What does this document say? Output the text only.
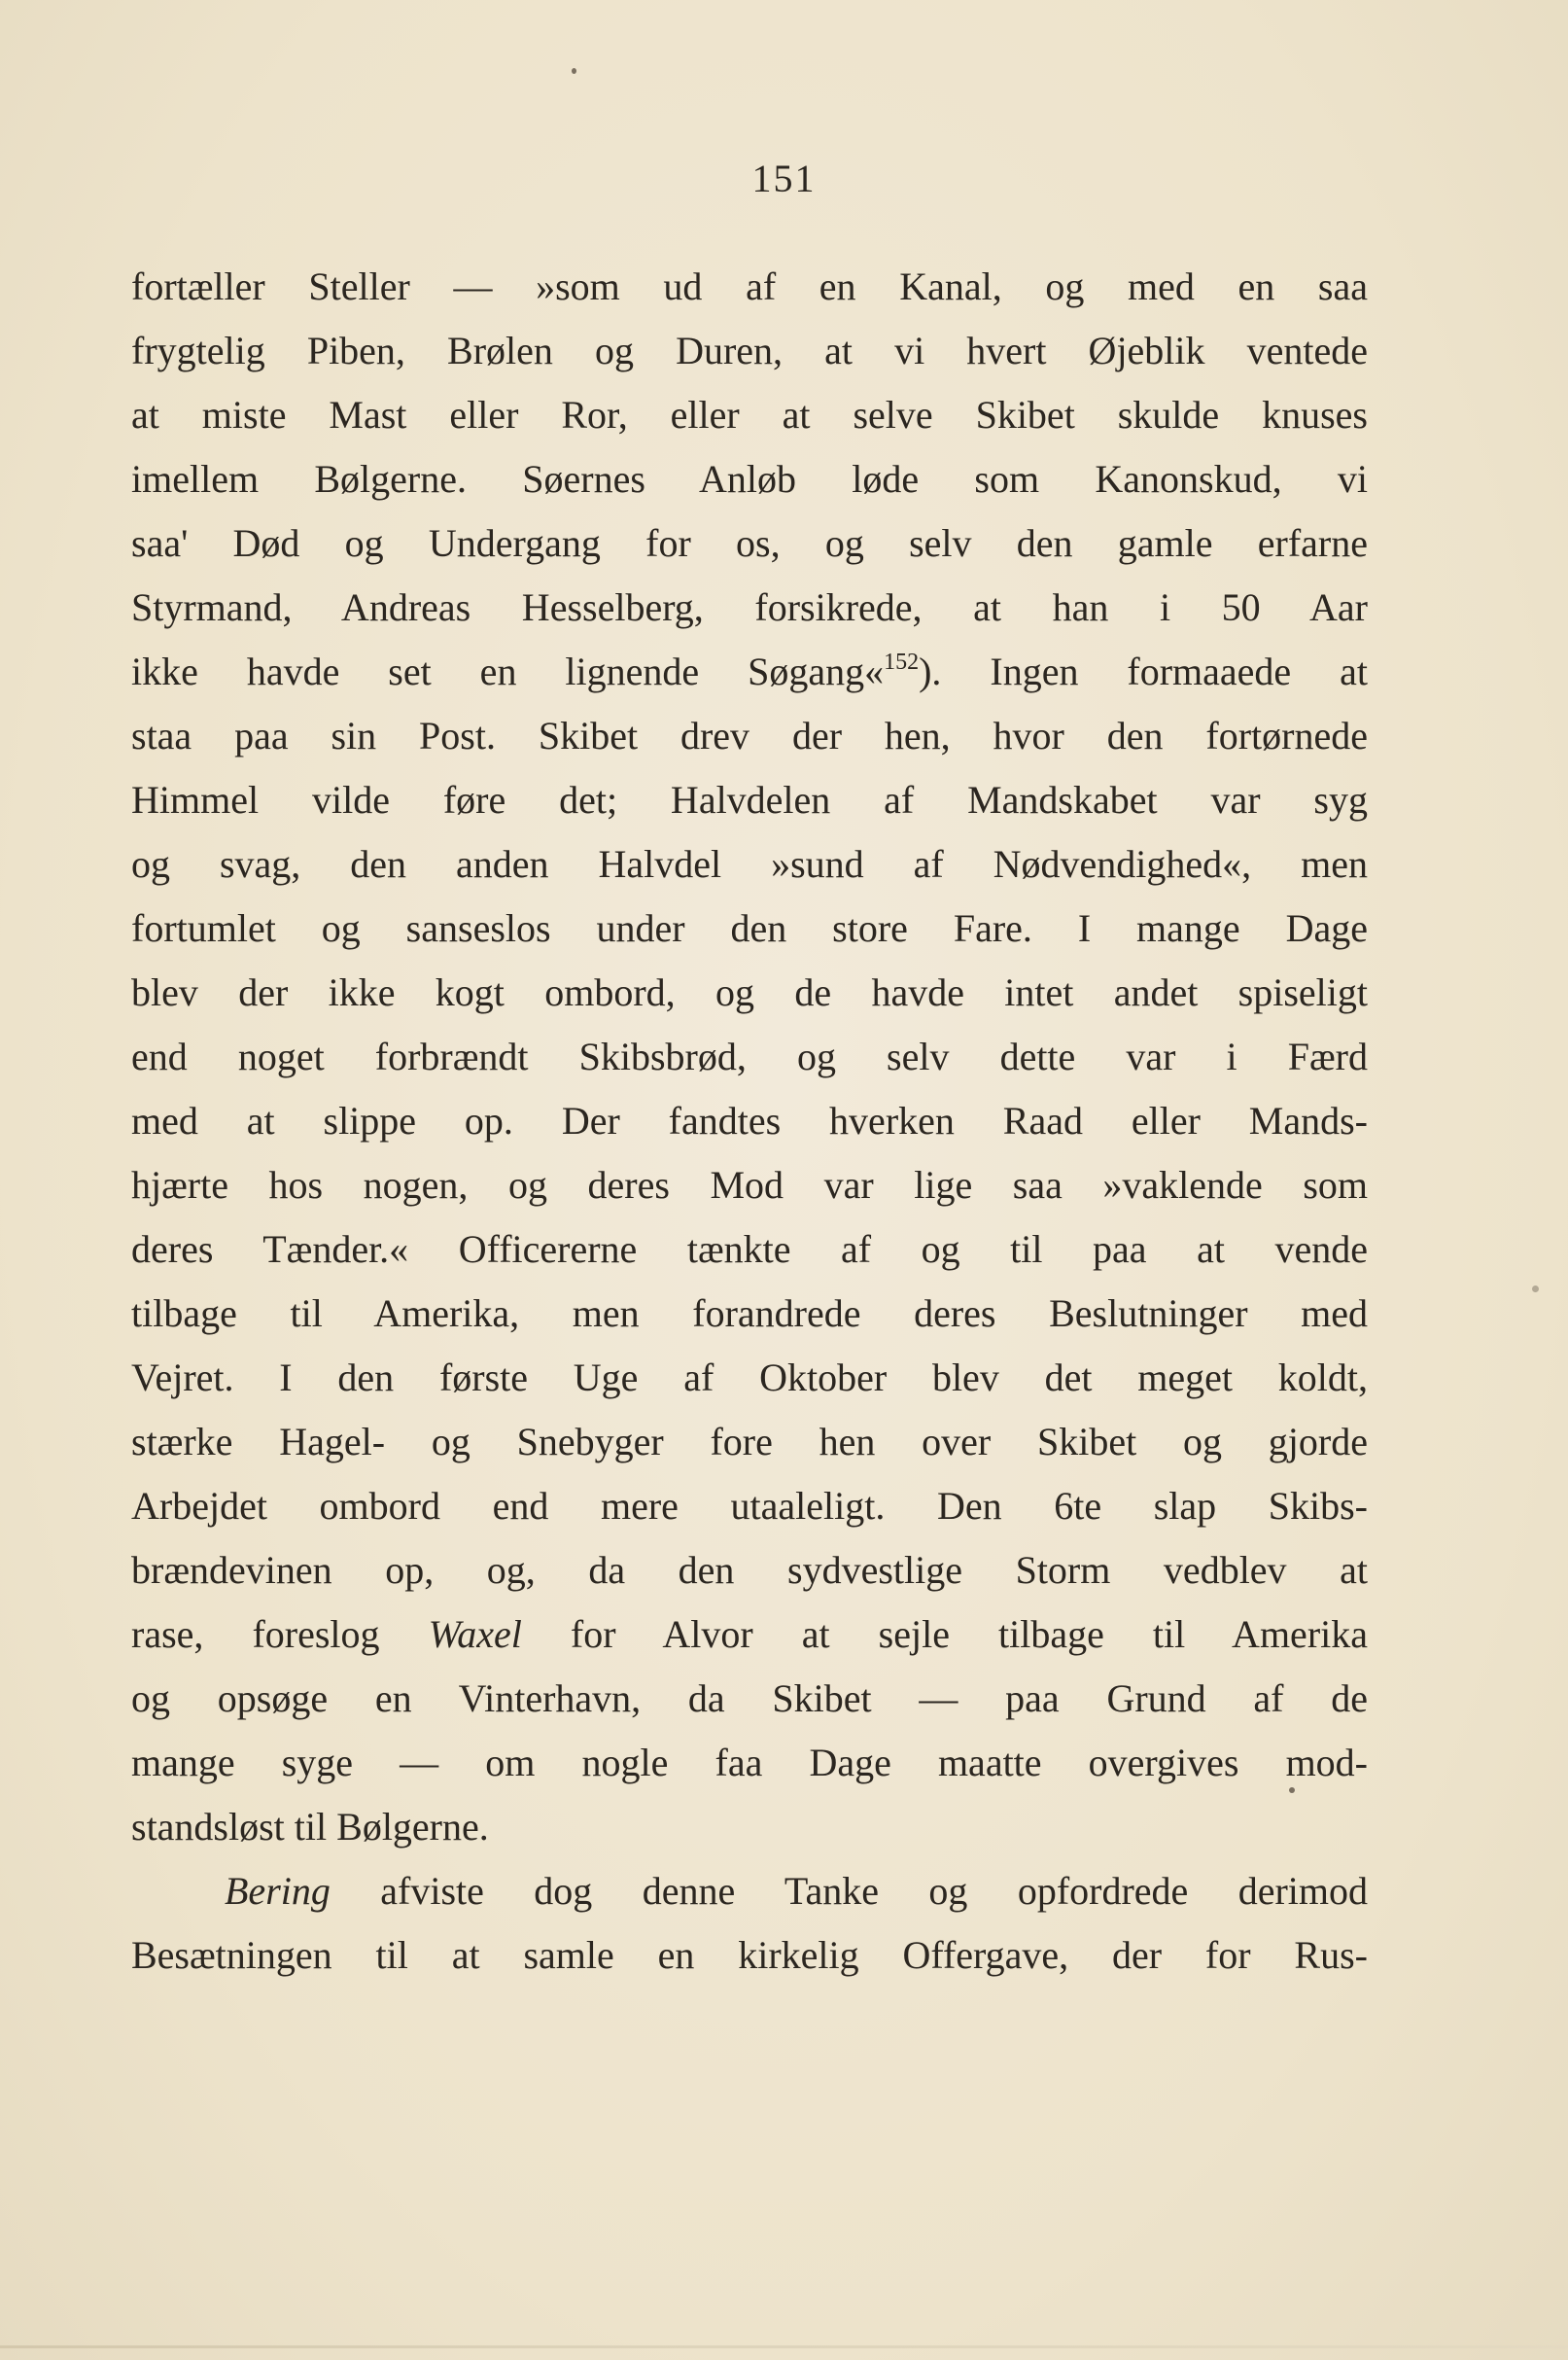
151
fortæller Steller — »som ud af en Kanal, og med en saa
frygtelig Piben, Brølen og Duren, at vi hvert Øjeblik ventede
at miste Mast eller Ror, eller at selve Skibet skulde knuses
imellem Bølgerne. Søernes Anløb løde som Kanonskud, vi
saa' Død og Undergang for os, og selv den gamle erfarne
Styrmand, Andreas Hesselberg, forsikrede, at han i 50 Aar
ikke havde set en lignende Søgang«$^{152}$). Ingen formaaede at
staa paa sin Post. Skibet drev der hen, hvor den fortørnede
Himmel vilde føre det; Halvdelen af Mandskabet var syg
og svag, den anden Halvdel »sund af Nødvendighed«, men
fortumlet og sanseslos under den store Fare. I mange Dage
blev der ikke kogt ombord, og de havde intet andet spiseligt
end noget forbrændt Skibsbrød, og selv dette var i Færd
med at slippe op. Der fandtes hverken Raad eller Mands-
hjærte hos nogen, og deres Mod var lige saa »vaklende som
deres Tænder.« Officererne tænkte af og til paa at vende
tilbage til Amerika, men forandrede deres Beslutninger med
Vejret. I den første Uge af Oktober blev det meget koldt,
stærke Hagel- og Snebyger fore hen over Skibet og gjorde
Arbejdet ombord end mere utaaleligt. Den 6te slap Skibs-
brændevinen op, og, da den sydvestlige Storm vedblev at
rase, foreslog Waxel for Alvor at sejle tilbage til Amerika
og opsøge en Vinterhavn, da Skibet — paa Grund af de
mange syge — om nogle faa Dage maatte overgives mod-
standsløst til Bølgerne.
Bering afviste dog denne Tanke og opfordrede derimod
Besætningen til at samle en kirkelig Offergave, der for Rus-
